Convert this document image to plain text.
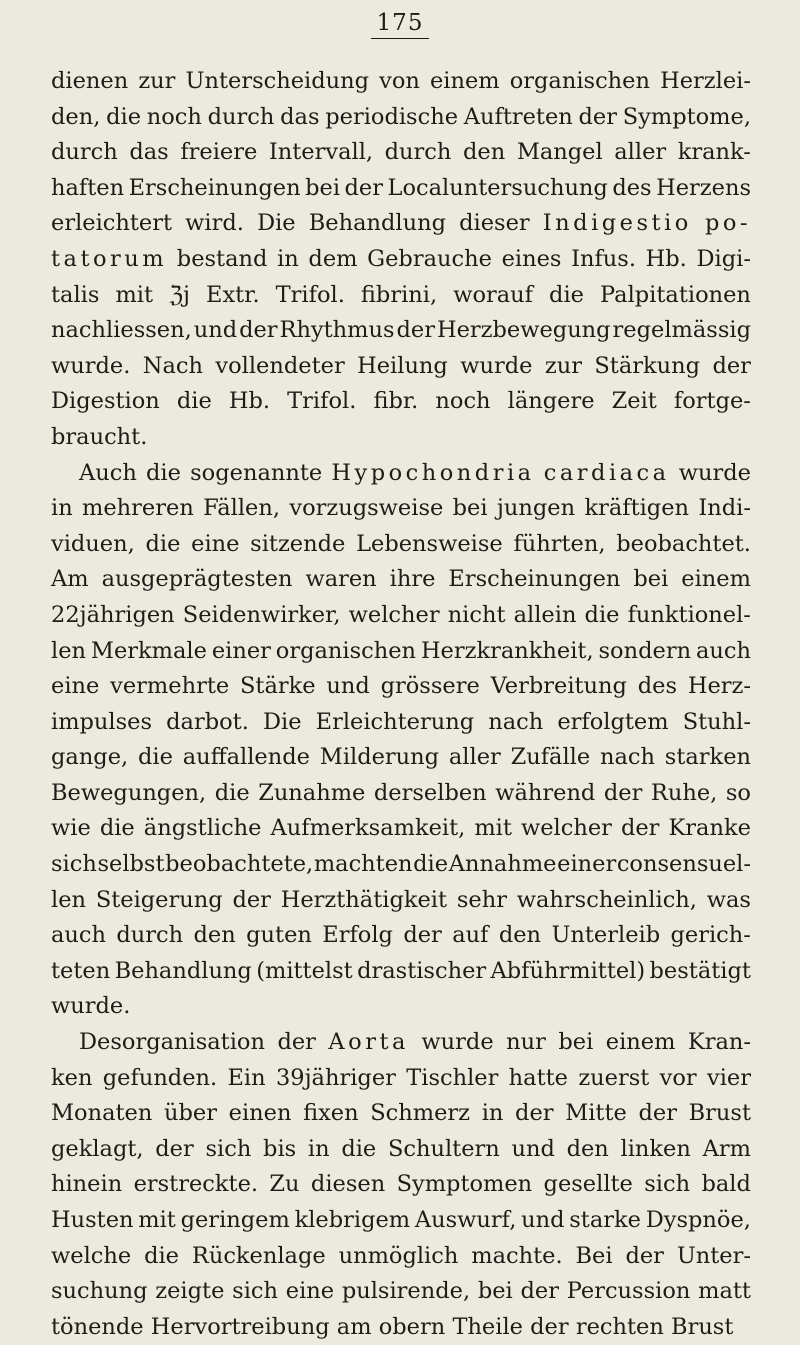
175
dienen zur Unterscheidung von einem organischen Herzlei-
den, die noch durch das periodische Auftreten der Symptome,
durch das freiere Intervall, durch den Mangel aller krank-
haften Erscheinungen bei der Localuntersuchung des Herzens
erleichtert wird. Die Behandlung dieser Indigestio po-
tatorum bestand in dem Gebrauche eines Infus. Hb. Digi-
talis mit ℨj Extr. Trifol. fibrini, worauf die Palpitationen
nachliessen, und der Rhythmus der Herzbewegung regelmässig
wurde. Nach vollendeter Heilung wurde zur Stärkung der
Digestion die Hb. Trifol. fibr. noch längere Zeit fortge-
braucht.
Auch die sogenannte Hypochondria cardiaca wurde
in mehreren Fällen, vorzugsweise bei jungen kräftigen Indi-
viduen, die eine sitzende Lebensweise führten, beobachtet.
Am ausgeprägtesten waren ihre Erscheinungen bei einem
22jährigen Seidenwirker, welcher nicht allein die funktionel-
len Merkmale einer organischen Herzkrankheit, sondern auch
eine vermehrte Stärke und grössere Verbreitung des Herz-
impulses darbot. Die Erleichterung nach erfolgtem Stuhl-
gange, die auffallende Milderung aller Zufälle nach starken
Bewegungen, die Zunahme derselben während der Ruhe, so
wie die ängstliche Aufmerksamkeit, mit welcher der Kranke
sich selbst beobachtete, machten die Annahme einer consensuel-
len Steigerung der Herzthätigkeit sehr wahrscheinlich, was
auch durch den guten Erfolg der auf den Unterleib gerich-
teten Behandlung (mittelst drastischer Abführmittel) bestätigt
wurde.
Desorganisation der Aorta wurde nur bei einem Kran-
ken gefunden. Ein 39jähriger Tischler hatte zuerst vor vier
Monaten über einen fixen Schmerz in der Mitte der Brust
geklagt, der sich bis in die Schultern und den linken Arm
hinein erstreckte. Zu diesen Symptomen gesellte sich bald
Husten mit geringem klebrigem Auswurf, und starke Dyspnöe,
welche die Rückenlage unmöglich machte. Bei der Unter-
suchung zeigte sich eine pulsirende, bei der Percussion matt
tönende Hervortreibung am obern Theile der rechten Brust
